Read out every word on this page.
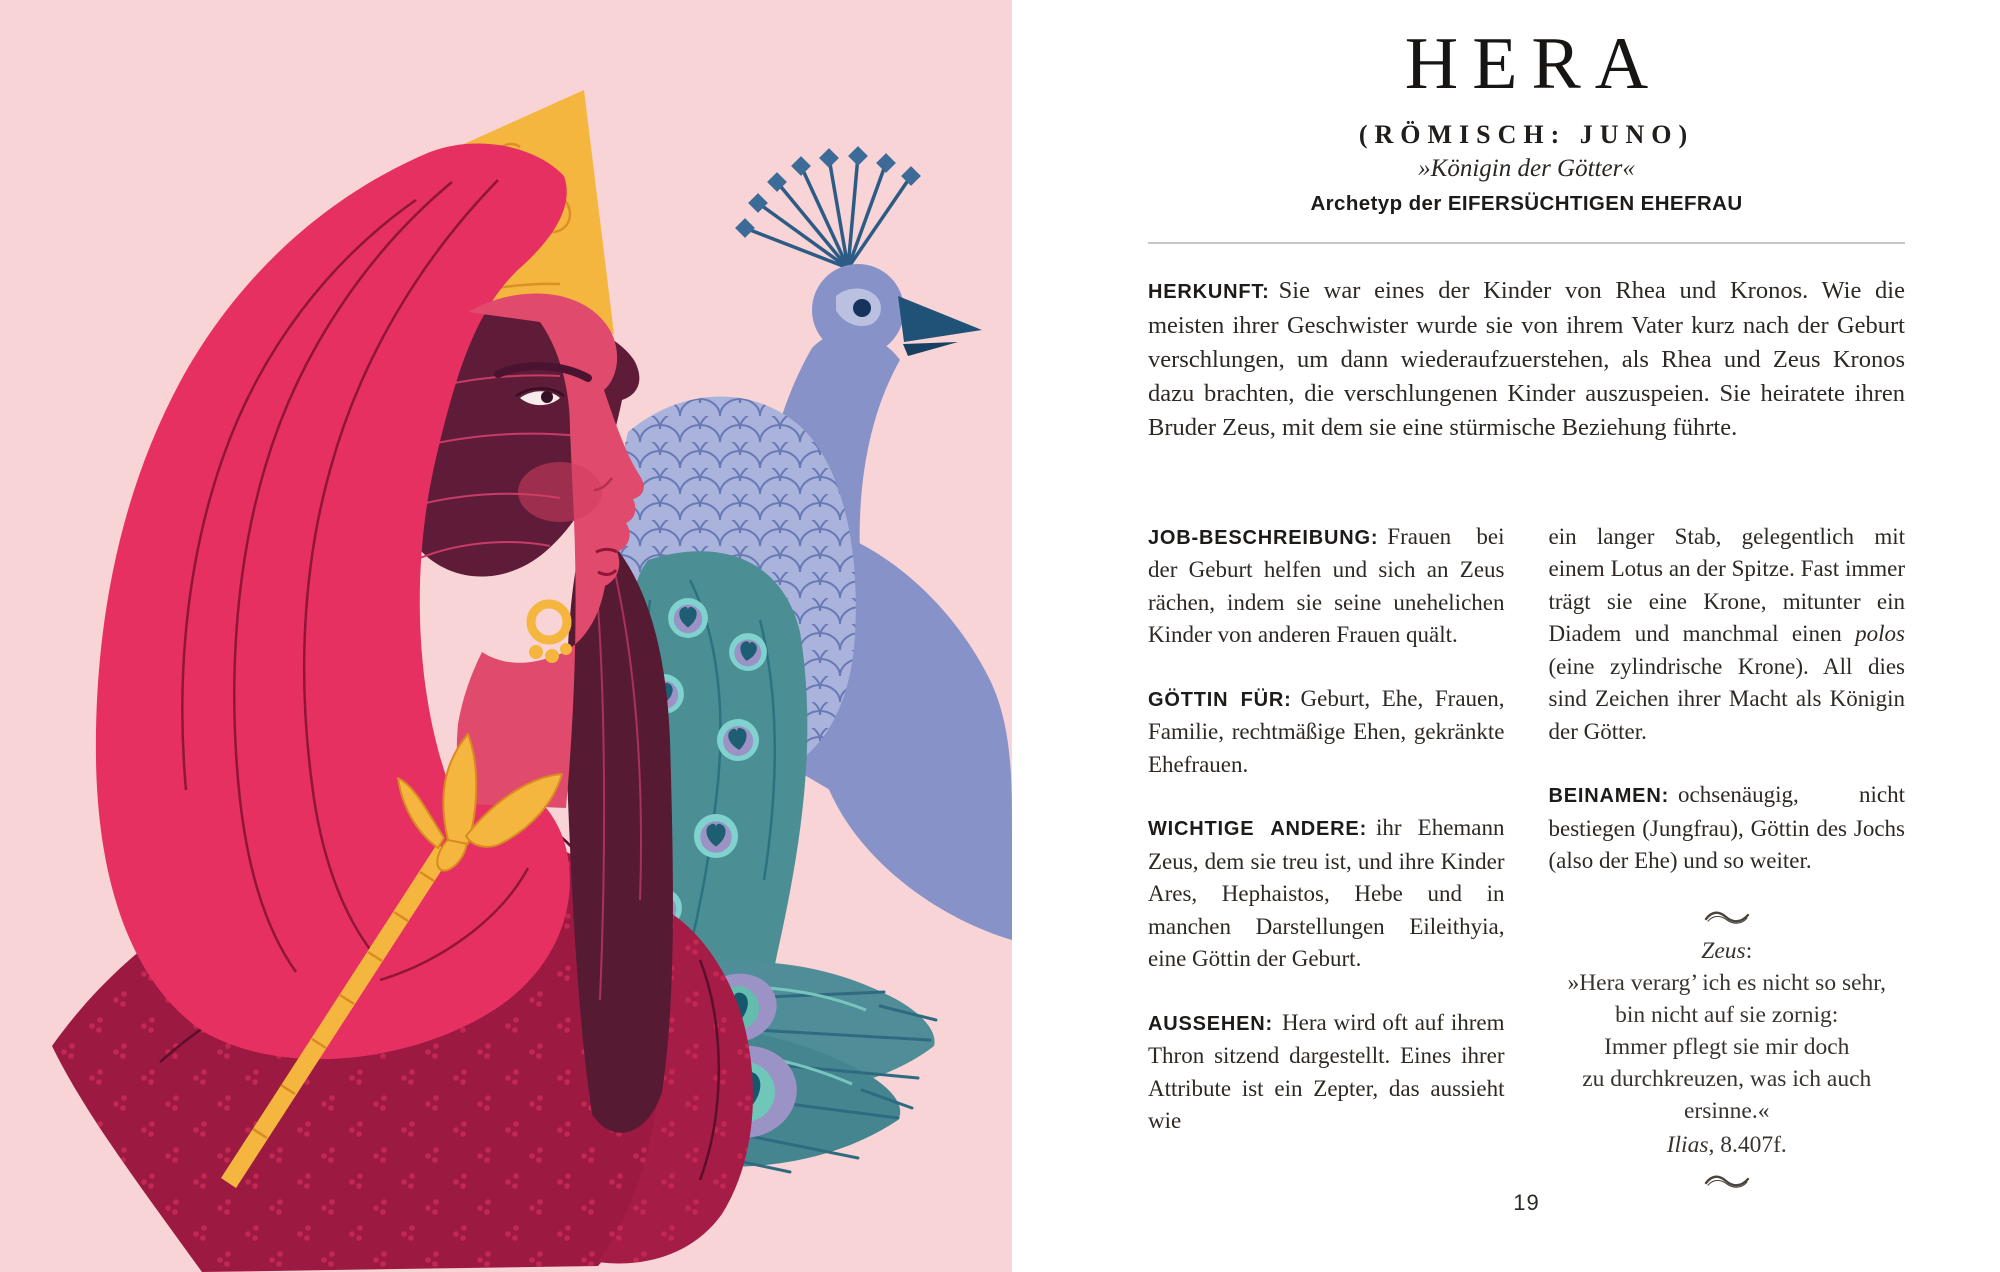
HERA
(RÖMISCH: JUNO)
»Königin der Götter«
Archetyp der EIFERSÜCHTIGEN EHEFRAU

HERKUNFT: Sie war eines der Kinder von Rhea und Kronos. Wie die meisten ihrer Geschwister wurde sie von ihrem Vater kurz nach der Geburt verschlungen, um dann wiederaufzuerstehen, als Rhea und Zeus Kronos dazu brachten, die verschlungenen Kinder auszuspeien. Sie heiratete ihren Bruder Zeus, mit dem sie eine stürmische Beziehung führte.

JOB-BESCHREIBUNG: Frauen bei der Geburt helfen und sich an Zeus rächen, indem sie seine unehelichen Kinder von anderen Frauen quält.

GÖTTIN FÜR: Geburt, Ehe, Frauen, Familie, rechtmäßige Ehen, gekränkte Ehefrauen.

WICHTIGE ANDERE: ihr Ehemann Zeus, dem sie treu ist, und ihre Kinder Ares, Hephaistos, Hebe und in manchen Darstellungen Eileithyia, eine Göttin der Geburt.

AUSSEHEN: Hera wird oft auf ihrem Thron sitzend dargestellt. Eines ihrer Attribute ist ein Zepter, das aussieht wie

ein langer Stab, gelegentlich mit einem Lotus an der Spitze. Fast immer trägt sie eine Krone, mitunter ein Diadem und manchmal einen polos (eine zylindrische Krone). All dies sind Zeichen ihrer Macht als Königin der Götter.

BEINAMEN: ochsenäugig, nicht bestiegen (Jungfrau), Göttin des Jochs (also der Ehe) und so weiter.

Zeus:
»Hera verarg’ ich es nicht so sehr,
bin nicht auf sie zornig:
Immer pflegt sie mir doch
zu durchkreuzen, was ich auch ersinne.«
Ilias, 8.407f.
19
